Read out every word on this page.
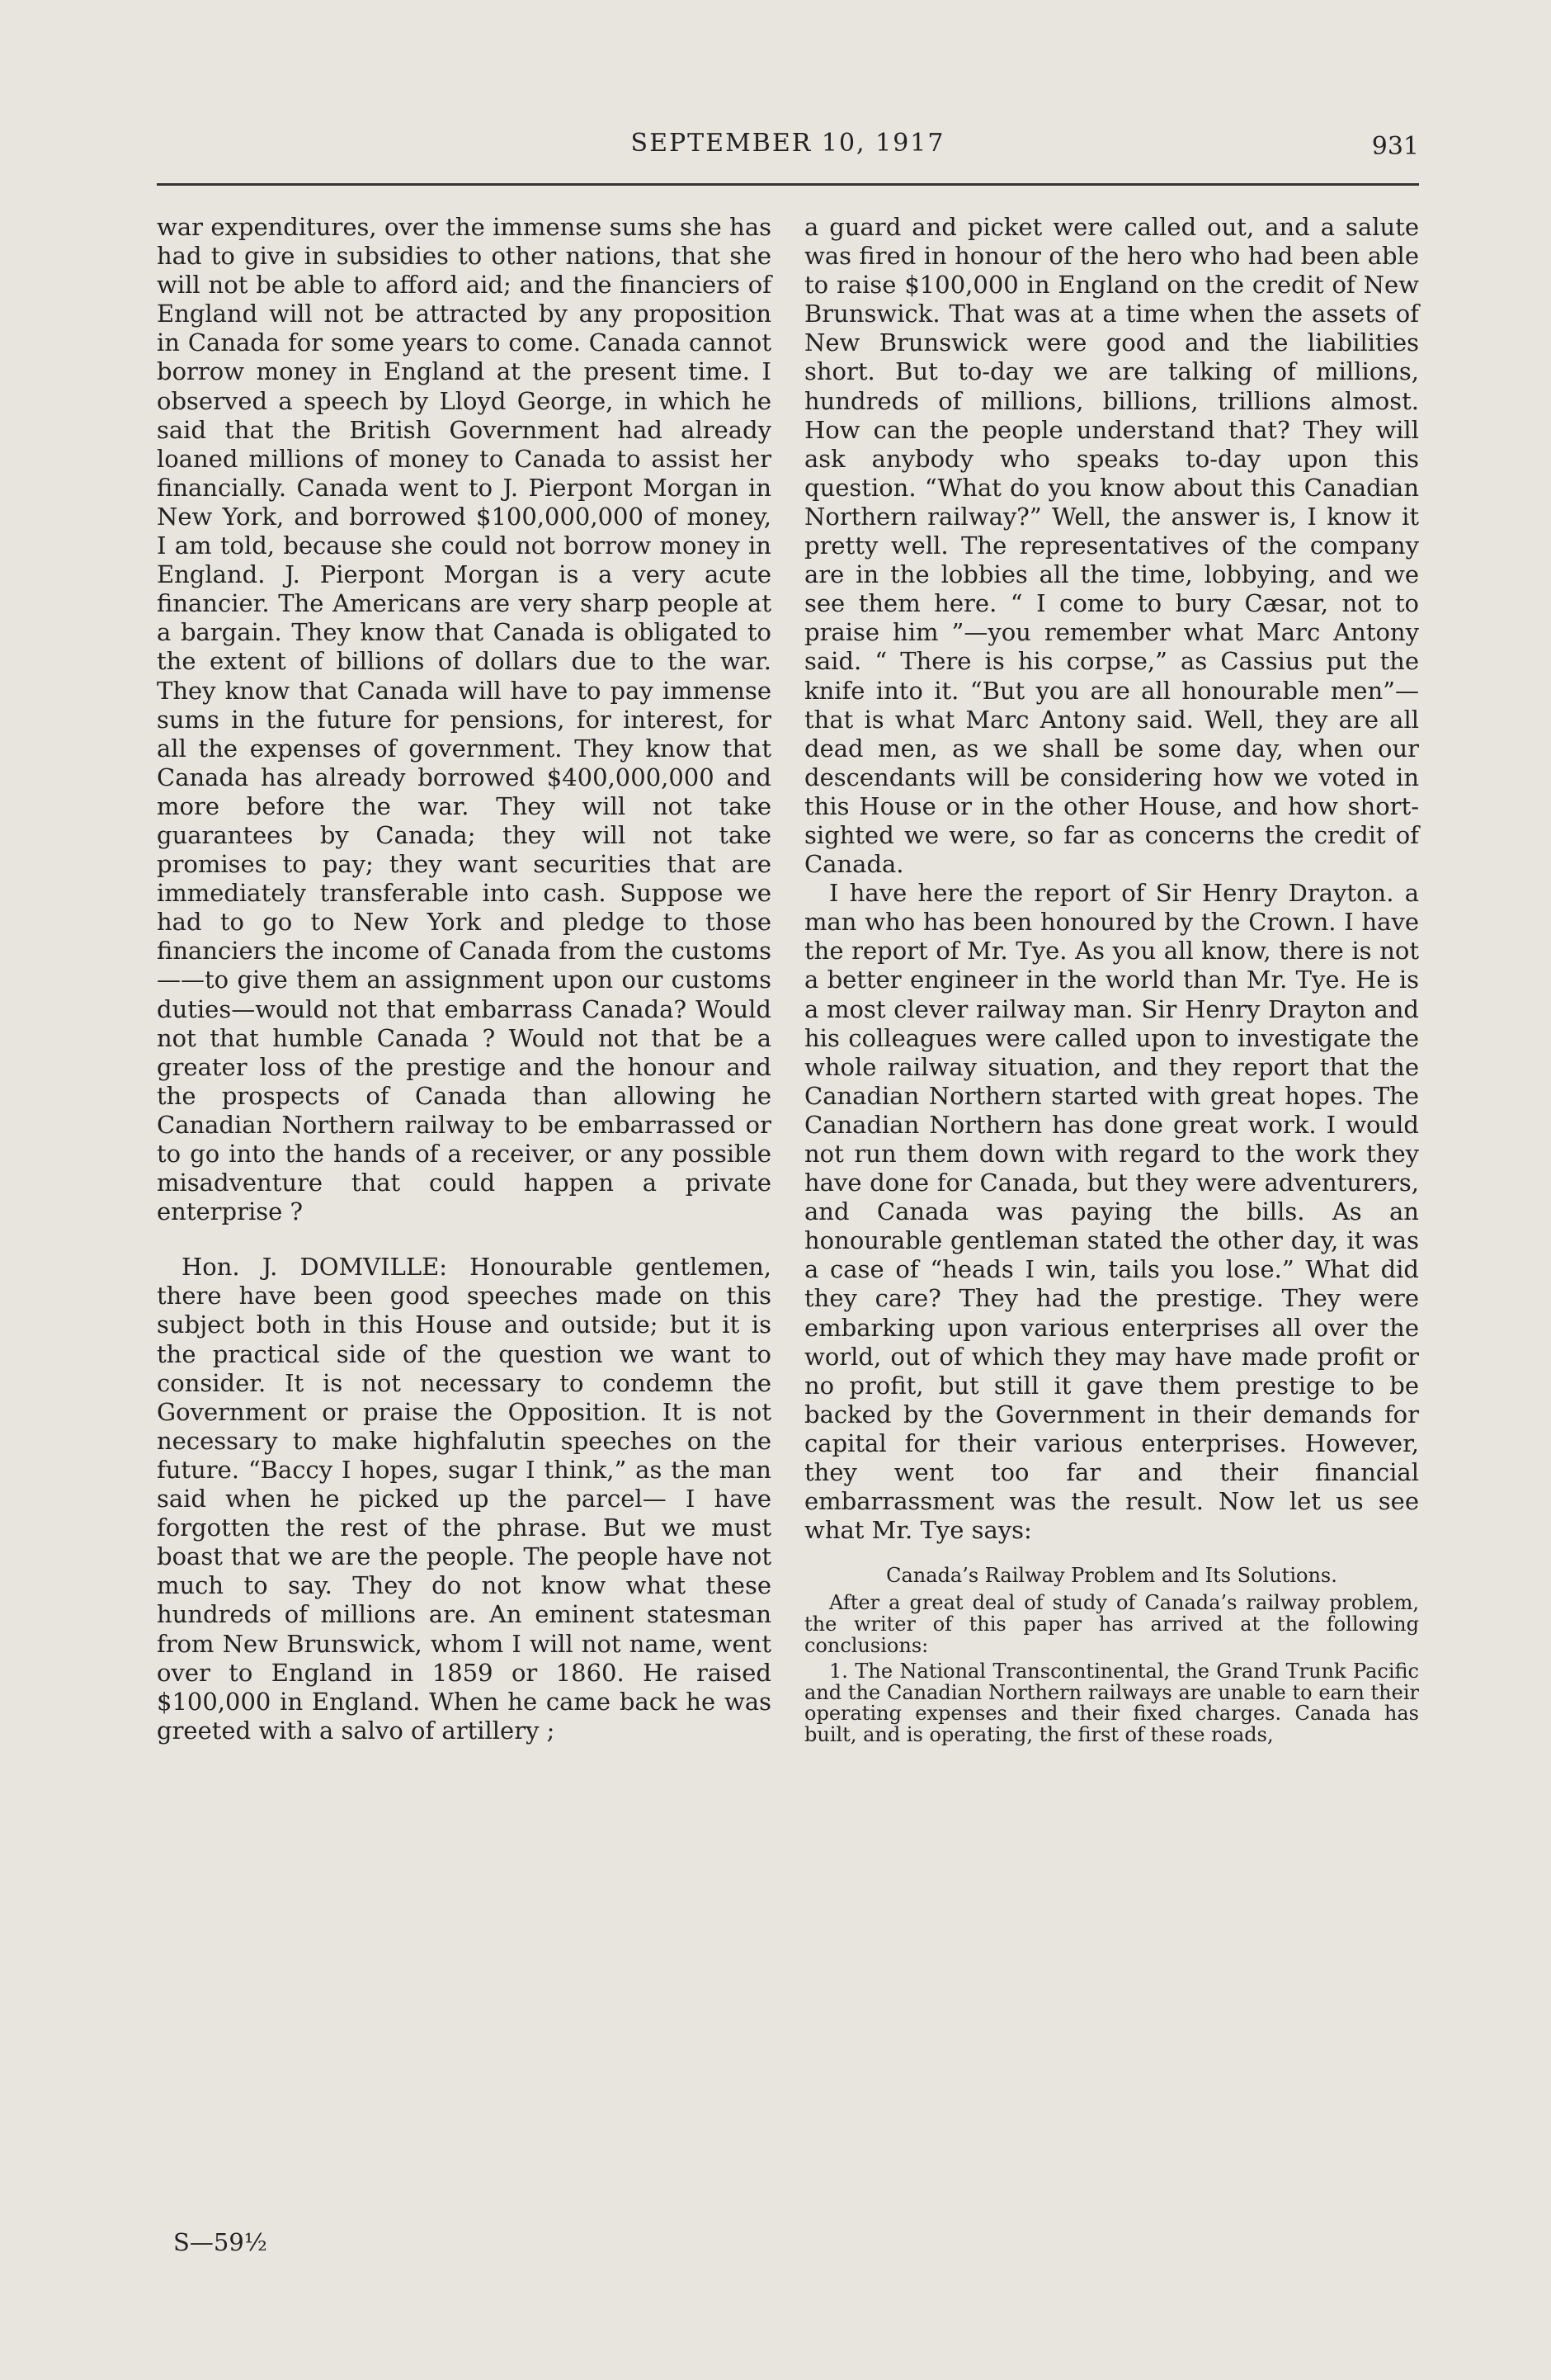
SEPTEMBER 10, 1917	931

war expenditures, over the immense sums she has had to give in subsidies to other nations, that she will not be able to afford aid; and the financiers of England will not be attracted by any proposition in Canada for some years to come. Canada cannot borrow money in England at the present time. I observed a speech by Lloyd George, in which he said that the British Government had already loaned millions of money to Canada to assist her financially. Canada went to J. Pierpont Morgan in New York, and borrowed $100,000,000 of money, I am told, because she could not borrow money in England. J. Pierpont Morgan is a very acute financier. The Americans are very sharp people at a bargain. They know that Canada is obligated to the extent of billions of dollars due to the war. They know that Canada will have to pay immense sums in the future for pensions, for interest, for all the expenses of government. They know that Canada has already borrowed $400,000,000 and more before the war. They will not take guarantees by Canada; they will not take promises to pay; they want securities that are immediately transferable into cash. Suppose we had to go to New York and pledge to those financiers the income of Canada from the customs——to give them an assignment upon our customs duties—would not that embarrass Canada? Would not that humble Canada ? Would not that be a greater loss of the prestige and the honour and the prospects of Canada than allowing he Canadian Northern railway to be embarrassed or to go into the hands of a receiver, or any possible misadventure that could happen a private enterprise ?

Hon. J. DOMVILLE: Honourable gentlemen, there have been good speeches made on this subject both in this House and outside; but it is the practical side of the question we want to consider. It is not necessary to condemn the Government or praise the Opposition. It is not necessary to make highfalutin speeches on the future. “Baccy I hopes, sugar I think,” as the man said when he picked up the parcel— I have forgotten the rest of the phrase. But we must boast that we are the people. The people have not much to say. They do not know what these hundreds of millions are. An eminent statesman from New Brunswick, whom I will not name, went over to England in 1859 or 1860. He raised $100,000 in England. When he came back he was greeted with a salvo of artillery ;

a guard and picket were called out, and a salute was fired in honour of the hero who had been able to raise $100,000 in England on the credit of New Brunswick. That was at a time when the assets of New Brunswick were good and the liabilities short. But to-day we are talking of millions, hundreds of millions, billions, trillions almost. How can the people understand that? They will ask anybody who speaks to-day upon this question. “What do you know about this Canadian Northern railway?” Well, the answer is, I know it pretty well. The representatives of the company are in the lobbies all the time, lobbying, and we see them here. “ I come to bury Cæsar, not to praise him ”—you remember what Marc Antony said. “ There is his corpse,” as Cassius put the knife into it. “But you are all honourable men”—that is what Marc Antony said. Well, they are all dead men, as we shall be some day, when our descendants will be considering how we voted in this House or in the other House, and how short-sighted we were, so far as concerns the credit of Canada.

I have here the report of Sir Henry Drayton. a man who has been honoured by the Crown. I have the report of Mr. Tye. As you all know, there is not a better engineer in the world than Mr. Tye. He is a most clever railway man. Sir Henry Drayton and his colleagues were called upon to investigate the whole railway situation, and they report that the Canadian Northern started with great hopes. The Canadian Northern has done great work. I would not run them down with regard to the work they have done for Canada, but they were adventurers, and Canada was paying the bills. As an honourable gentleman stated the other day, it was a case of “heads I win, tails you lose.” What did they care? They had the prestige. They were embarking upon various enterprises all over the world, out of which they may have made profit or no profit, but still it gave them prestige to be backed by the Government in their demands for capital for their various enterprises. However, they went too far and their financial embarrassment was the result. Now let us see what Mr. Tye says:

Canada’s Railway Problem and Its Solutions.

After a great deal of study of Canada’s railway problem, the writer of this paper has arrived at the following conclusions:

1. The National Transcontinental, the Grand Trunk Pacific and the Canadian Northern railways are unable to earn their operating expenses and their fixed charges. Canada has built, and is operating, the first of these roads,

S—59½
